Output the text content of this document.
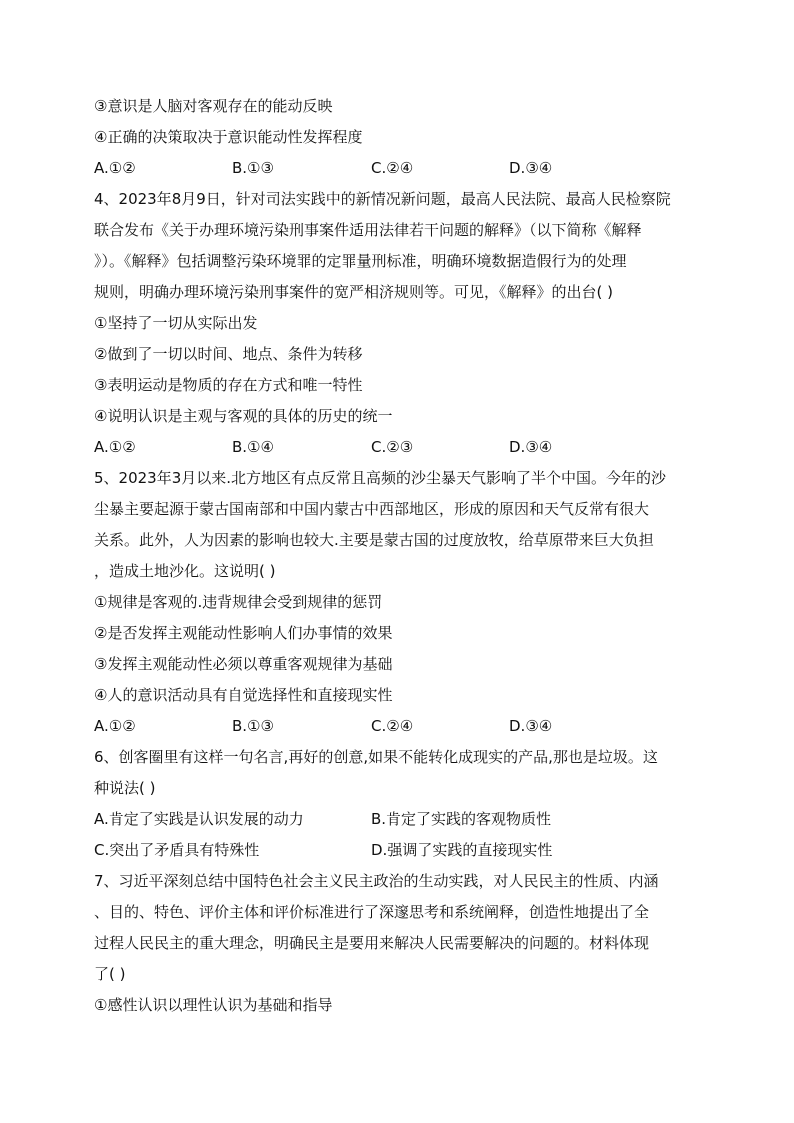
③意识是人脑对客观存在的能动反映
④正确的决策取决于意识能动性发挥程度
A.①②	B.①③	C.②④	D.③④
4、2023年8月9日，针对司法实践中的新情况新问题，最高人民法院、最高人民检察院
联合发布《关于办理环境污染刑事案件适用法律若干问题的解释》（以下简称《解释
》）。《解释》包括调整污染环境罪的定罪量刑标准，明确环境数据造假行为的处理
规则，明确办理环境污染刑事案件的宽严相济规则等。可见，《解释》的出台( )
①坚持了一切从实际出发
②做到了一切以时间、地点、条件为转移
③表明运动是物质的存在方式和唯一特性
④说明认识是主观与客观的具体的历史的统一
A.①②	B.①④	C.②③	D.③④
5、2023年3月以来.北方地区有点反常且高频的沙尘暴天气影响了半个中国。今年的沙
尘暴主要起源于蒙古国南部和中国内蒙古中西部地区，形成的原因和天气反常有很大
关系。此外，人为因素的影响也较大.主要是蒙古国的过度放牧，给草原带来巨大负担
，造成土地沙化。这说明( )
①规律是客观的.违背规律会受到规律的惩罚
②是否发挥主观能动性影响人们办事情的效果
③发挥主观能动性必须以尊重客观规律为基础
④人的意识活动具有自觉选择性和直接现实性
A.①②	B.①③	C.②④	D.③④
6、创客圈里有这样一句名言,再好的创意,如果不能转化成现实的产品,那也是垃圾。这
种说法( )
A.肯定了实践是认识发展的动力	B.肯定了实践的客观物质性
C.突出了矛盾具有特殊性	D.强调了实践的直接现实性
7、习近平深刻总结中国特色社会主义民主政治的生动实践，对人民民主的性质、内涵
、目的、特色、评价主体和评价标准进行了深邃思考和系统阐释，创造性地提出了全
过程人民民主的重大理念，明确民主是要用来解决人民需要解决的问题的。材料体现
了( )
①感性认识以理性认识为基础和指导
